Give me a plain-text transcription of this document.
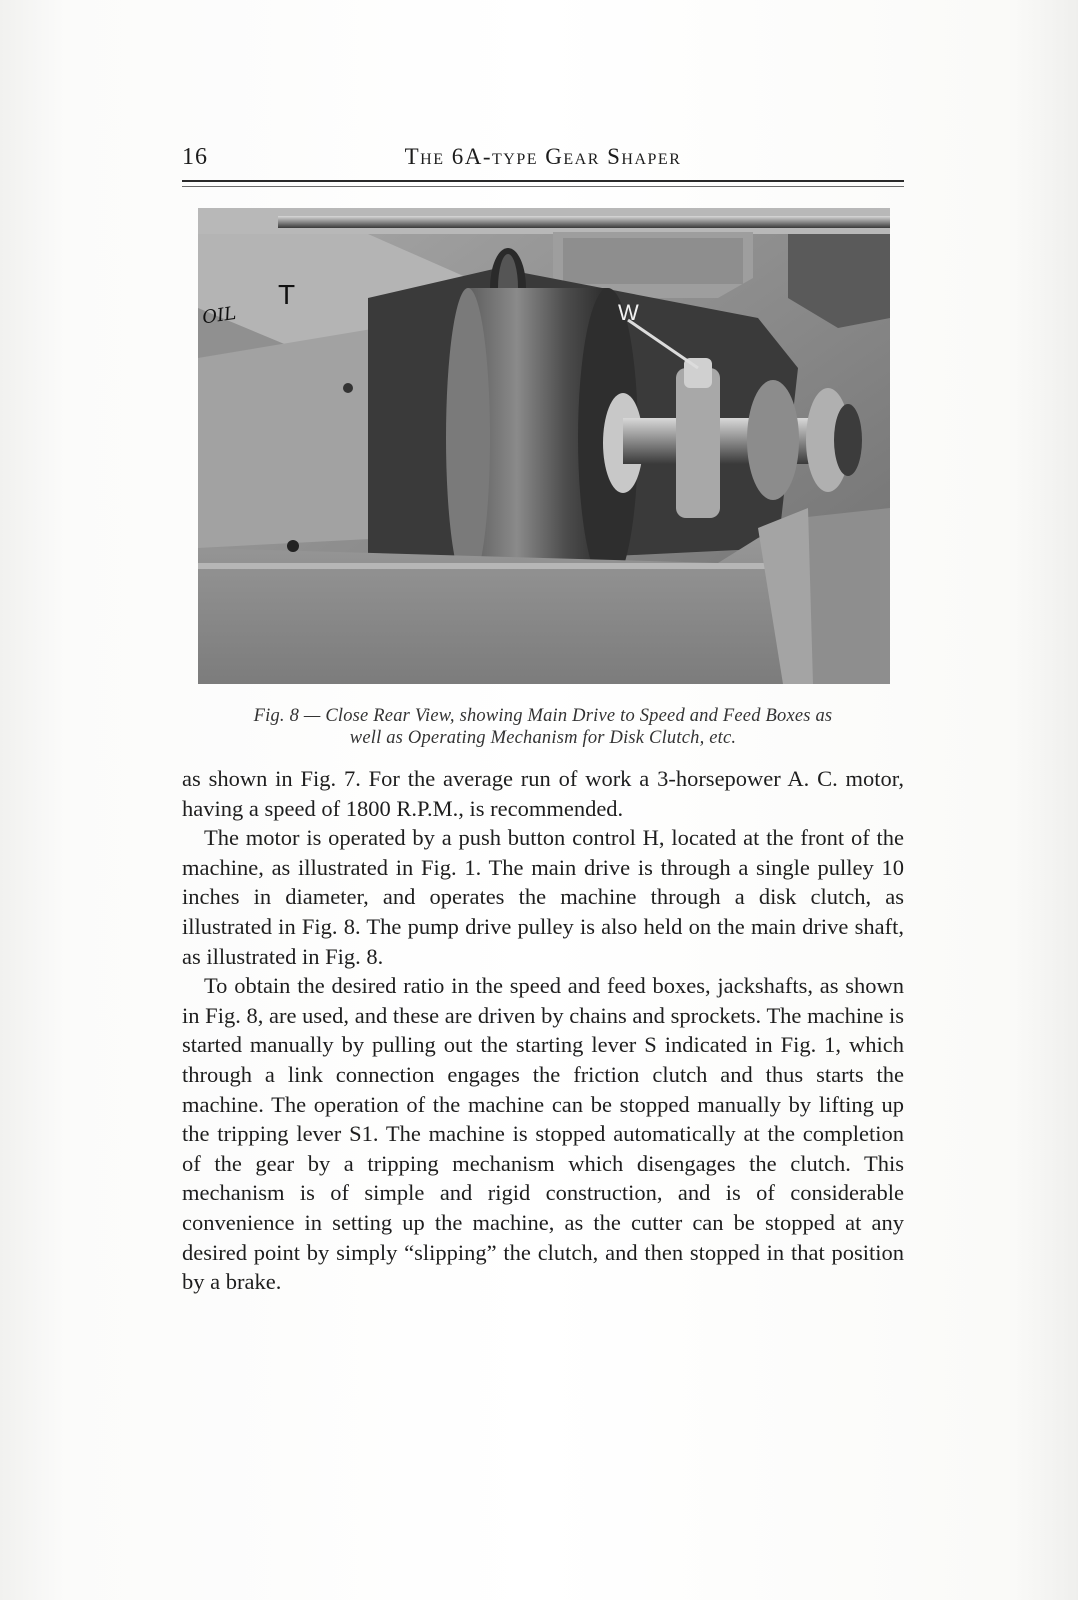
16	The 6A-type Gear Shaper
T
W
OIL
Fig. 8 — Close Rear View, showing Main Drive to Speed and Feed Boxes as
well as Operating Mechanism for Disk Clutch, etc.

as shown in Fig. 7. For the average run of work a 3-horsepower A. C. motor, having a speed of 1800 R.P.M., is recommended.

The motor is operated by a push button control H, located at the front of the machine, as illustrated in Fig. 1. The main drive is through a single pulley 10 inches in diameter, and operates the machine through a disk clutch, as illustrated in Fig. 8. The pump drive pulley is also held on the main drive shaft, as illustrated in Fig. 8.

To obtain the desired ratio in the speed and feed boxes, jackshafts, as shown in Fig. 8, are used, and these are driven by chains and sprockets. The machine is started manually by pulling out the starting lever S indicated in Fig. 1, which through a link connection engages the friction clutch and thus starts the machine. The operation of the machine can be stopped manually by lifting up the tripping lever S1. The machine is stopped automatically at the completion of the gear by a tripping mechanism which disengages the clutch. This mechanism is of simple and rigid construction, and is of considerable convenience in setting up the machine, as the cutter can be stopped at any desired point by simply “slipping” the clutch, and then stopped in that position by a brake.
